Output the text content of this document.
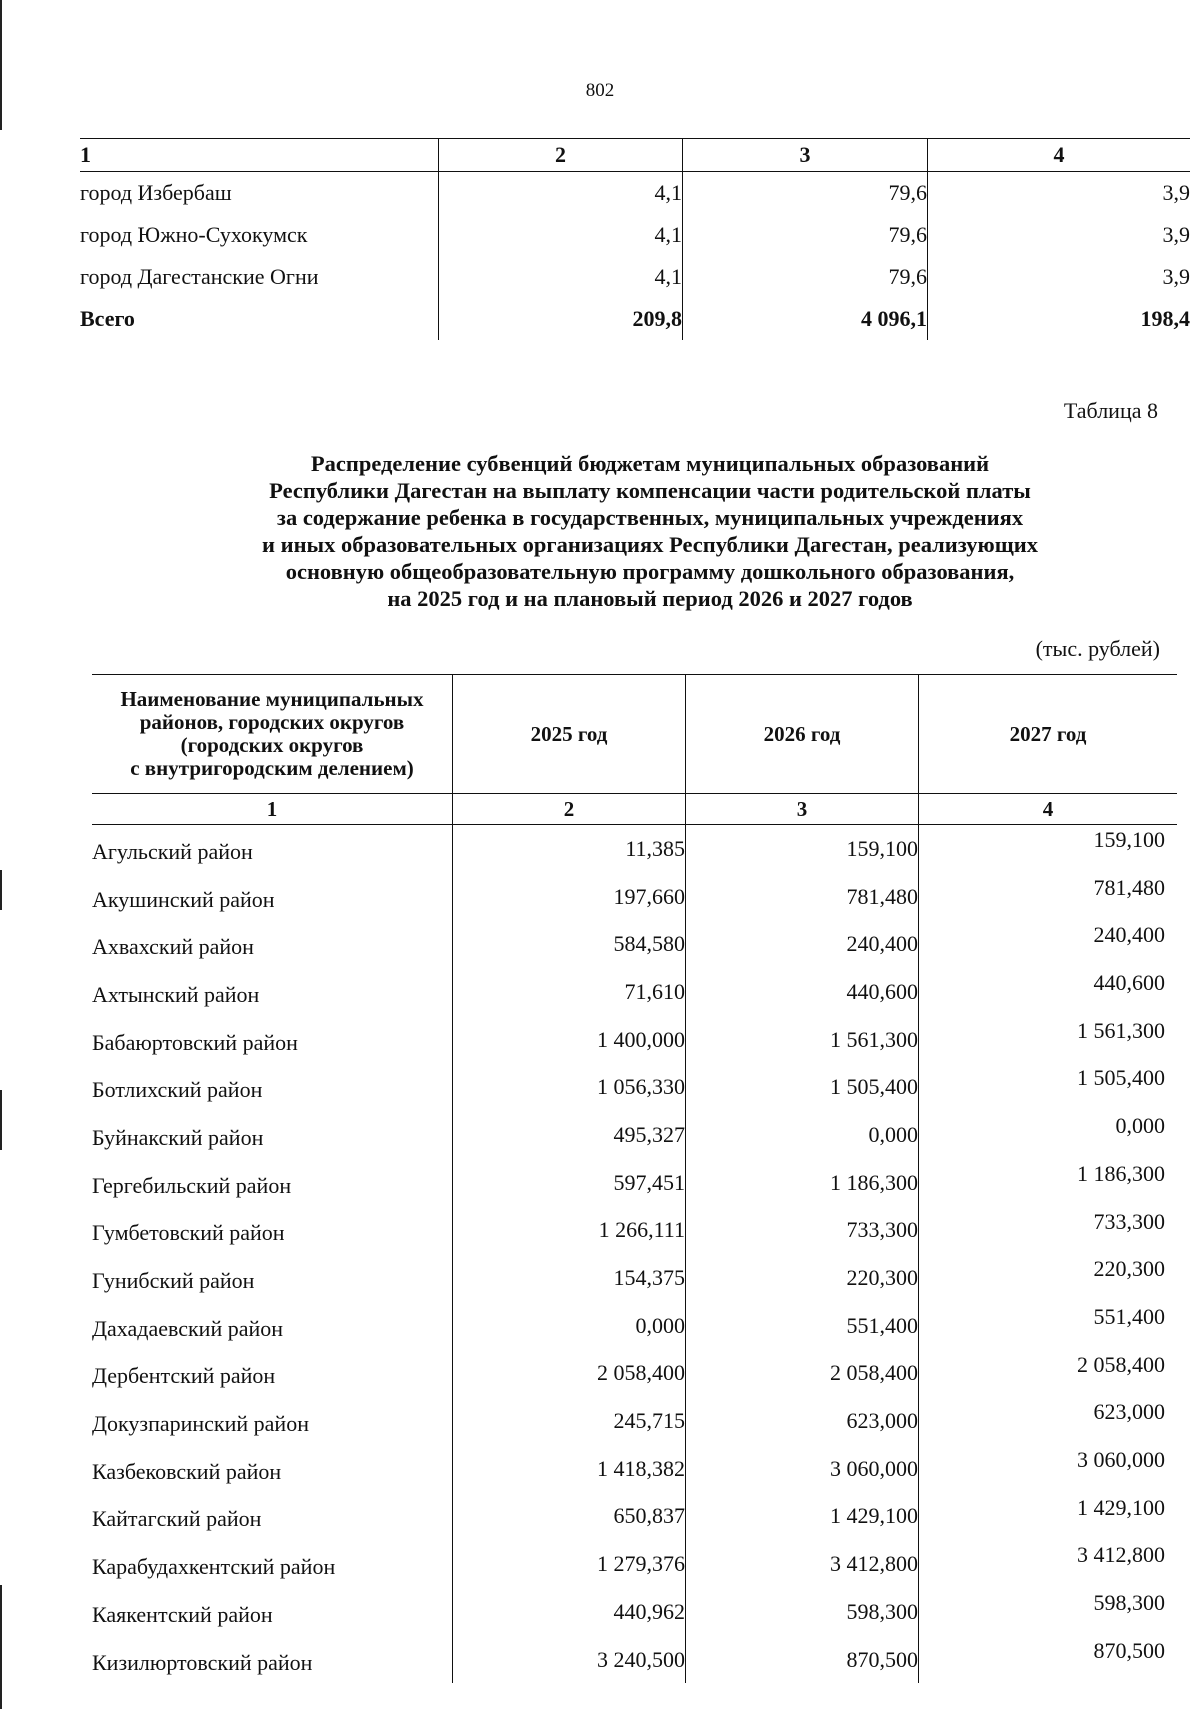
802
1	2	3	4
город Избербаш	4,1	79,6	3,9
город Южно-Сухокумск	4,1	79,6	3,9
город Дагестанские Огни	4,1	79,6	3,9
Всего	209,8	4 096,1	198,4
Таблица 8
Распределение субвенций бюджетам муниципальных образований
Республики Дагестан на выплату компенсации части родительской платы
за содержание ребенка в государственных, муниципальных учреждениях
и иных образовательных организациях Республики Дагестан, реализующих
основную общеобразовательную программу дошкольного образования,
на 2025 год и на плановый период 2026 и 2027 годов
(тыс. рублей)
Наименование муниципальных
районов, городских округов
(городских округов
с внутригородским делением)	2025 год	2026 год	2027 год
1	2	3	4
Агульский район	11,385	159,100	159,100
Акушинский район	197,660	781,480	781,480
Ахвахский район	584,580	240,400	240,400
Ахтынский район	71,610	440,600	440,600
Бабаюртовский район	1 400,000	1 561,300	1 561,300
Ботлихский район	1 056,330	1 505,400	1 505,400
Буйнакский район	495,327	0,000	0,000
Гергебильский район	597,451	1 186,300	1 186,300
Гумбетовский район	1 266,111	733,300	733,300
Гунибский район	154,375	220,300	220,300
Дахадаевский район	0,000	551,400	551,400
Дербентский район	2 058,400	2 058,400	2 058,400
Докузпаринский район	245,715	623,000	623,000
Казбековский район	1 418,382	3 060,000	3 060,000
Кайтагский район	650,837	1 429,100	1 429,100
Карабудахкентский район	1 279,376	3 412,800	3 412,800
Каякентский район	440,962	598,300	598,300
Кизилюртовский район	3 240,500	870,500	870,500
